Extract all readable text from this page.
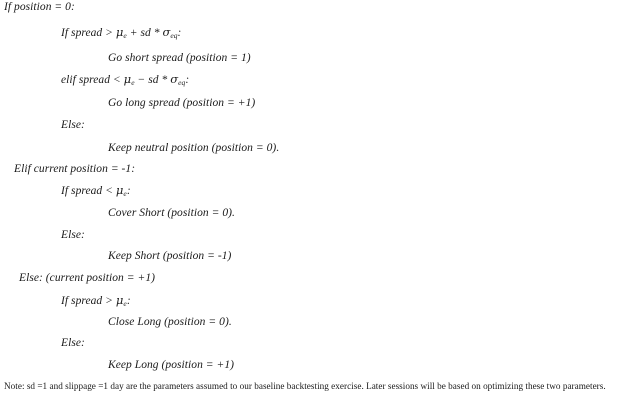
If position = 0:
If spread > μe + sd * σeq:
Go short spread (position = 1)
elif spread < μe − sd * σeq:
Go long spread (position = +1)
Else:
Keep neutral position (position = 0).
Elif current position = -1:
If spread < μe:
Cover Short (position = 0).
Else:
Keep Short (position = -1)
Else: (current position = +1)
If spread > μe:
Close Long (position = 0).
Else:
Keep Long (position = +1)
Note: sd =1 and slippage =1 day are the parameters assumed to our baseline backtesting exercise. Later sessions will be based on optimizing these two parameters.
